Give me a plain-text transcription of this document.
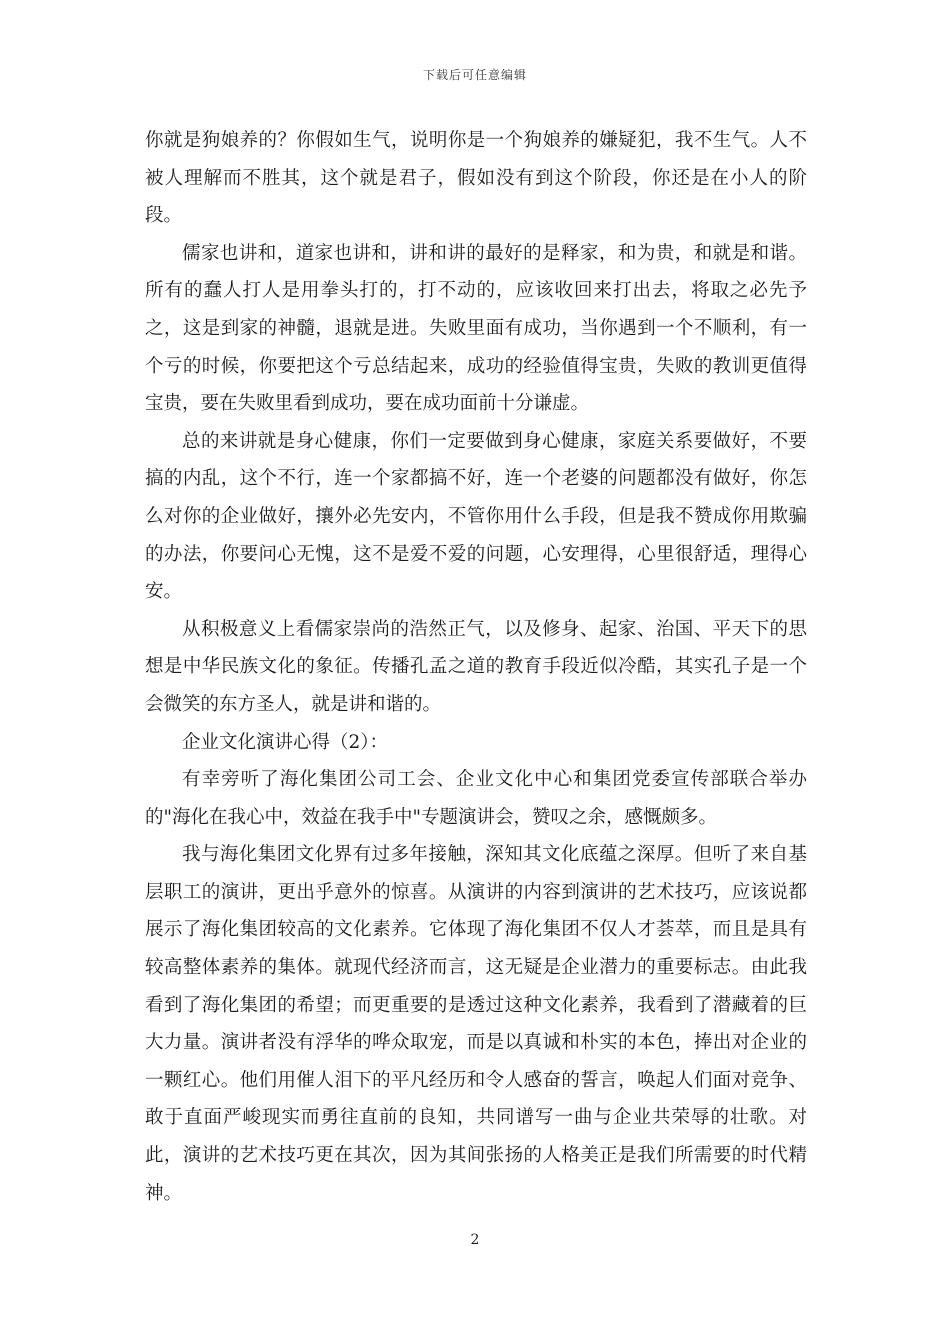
下载后可任意编辑

你就是狗娘养的？你假如生气，说明你是一个狗娘养的嫌疑犯，我不生气。人不被人理解而不胜其，这个就是君子，假如没有到这个阶段，你还是在小人的阶段。

儒家也讲和，道家也讲和，讲和讲的最好的是释家，和为贵，和就是和谐。所有的蠢人打人是用拳头打的，打不动的，应该收回来打出去，将取之必先予之，这是到家的神髓，退就是进。失败里面有成功，当你遇到一个不顺利，有一个亏的时候，你要把这个亏总结起来，成功的经验值得宝贵，失败的教训更值得宝贵，要在失败里看到成功，要在成功面前十分谦虚。

总的来讲就是身心健康，你们一定要做到身心健康，家庭关系要做好，不要搞的内乱，这个不行，连一个家都搞不好，连一个老婆的问题都没有做好，你怎么对你的企业做好，攘外必先安内，不管你用什么手段，但是我不赞成你用欺骗的办法，你要问心无愧，这不是爱不爱的问题，心安理得，心里很舒适，理得心安。

从积极意义上看儒家崇尚的浩然正气，以及修身、起家、治国、平天下的思想是中华民族文化的象征。传播孔孟之道的教育手段近似冷酷，其实孔子是一个会微笑的东方圣人，就是讲和谐的。

企业文化演讲心得（2）：

有幸旁听了海化集团公司工会、企业文化中心和集团党委宣传部联合举办的"海化在我心中，效益在我手中"专题演讲会，赞叹之余，感慨颇多。

我与海化集团文化界有过多年接触，深知其文化底蕴之深厚。但听了来自基层职工的演讲，更出乎意外的惊喜。从演讲的内容到演讲的艺术技巧，应该说都展示了海化集团较高的文化素养。它体现了海化集团不仅人才荟萃，而且是具有较高整体素养的集体。就现代经济而言，这无疑是企业潜力的重要标志。由此我看到了海化集团的希望；而更重要的是透过这种文化素养，我看到了潜藏着的巨大力量。演讲者没有浮华的哗众取宠，而是以真诚和朴实的本色，捧出对企业的一颗红心。他们用催人泪下的平凡经历和令人感奋的誓言，唤起人们面对竞争、敢于直面严峻现实而勇往直前的良知，共同谱写一曲与企业共荣辱的壮歌。对此，演讲的艺术技巧更在其次，因为其间张扬的人格美正是我们所需要的时代精神。

2
